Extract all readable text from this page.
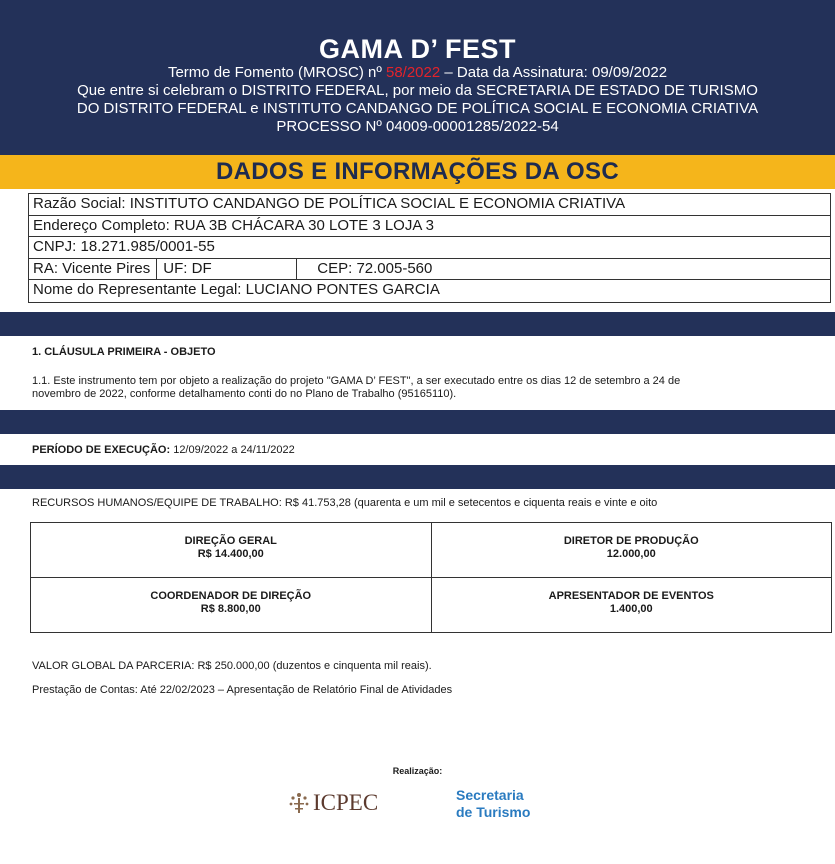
GAMA D’ FEST
Termo de Fomento (MROSC) nº 58/2022 – Data da Assinatura: 09/09/2022
Que entre si celebram o DISTRITO FEDERAL, por meio da SECRETARIA DE ESTADO DE TURISMO
DO DISTRITO FEDERAL e INSTITUTO CANDANGO DE POLÍTICA SOCIAL E ECONOMIA CRIATIVA
PROCESSO Nº 04009-00001285/2022-54
DADOS E INFORMAÇÕES DA OSC
Razão Social: INSTITUTO CANDANGO DE POLÍTICA SOCIAL E ECONOMIA CRIATIVA
Endereço Completo: RUA 3B CHÁCARA 30 LOTE 3 LOJA 3
CNPJ: 18.271.985/0001-55
RA: Vicente Pires UF: DF	CEP: 72.005-560
Nome do Representante Legal: LUCIANO PONTES GARCIA
1. CLÁUSULA PRIMEIRA - OBJETO
1.1. Este instrumento tem por objeto a realização do projeto "GAMA D’ FEST", a ser executado entre os dias 12 de setembro a 24 de
novembro de 2022, conforme detalhamento conti do no Plano de Trabalho (95165110).
PERÍODO DE EXECUÇÃO: 12/09/2022 a 24/11/2022
RECURSOS HUMANOS/EQUIPE DE TRABALHO: R$ 41.753,28 (quarenta e um mil e setecentos e ciquenta reais e vinte e oito
DIREÇÃO GERAL
R$ 14.400,00
DIRETOR DE PRODUÇÃO
12.000,00
COORDENADOR DE DIREÇÃO
R$ 8.800,00
APRESENTADOR DE EVENTOS
1.400,00
VALOR GLOBAL DA PARCERIA: R$ 250.000,00 (duzentos e cinquenta mil reais).
Prestação de Contas: Até 22/02/2023 – Apresentação de Relatório Final de Atividades
Realização:
ICPEC	Secretaria
de Turismo
